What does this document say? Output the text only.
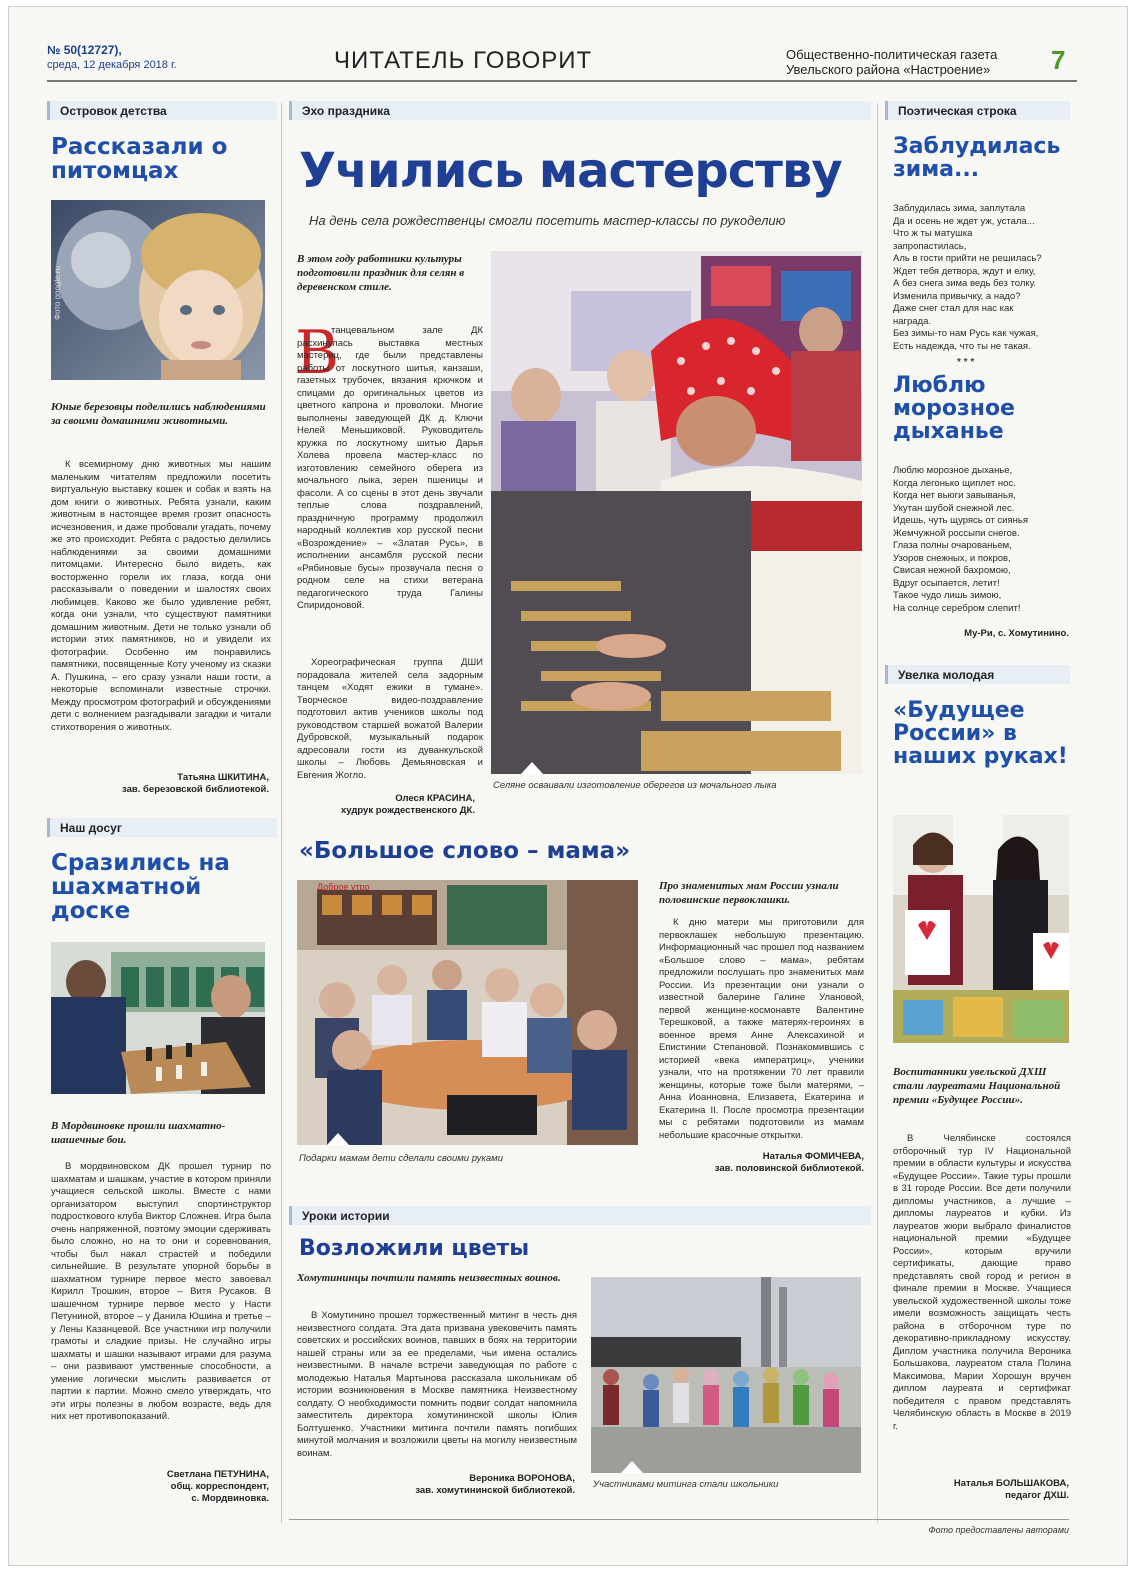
№ 50(12727),
среда, 12 декабря 2018 г.	ЧИТАТЕЛЬ ГОВОРИТ	Общественно-политическая газета
Увельского района «Настроение» 7
Островок детства
Рассказали о питомцах
Фото google.ru
Юные березовцы поделились наблюдениями за своими домашними животными.
К всемирному дню животных мы нашим маленьким читателям предложили посетить виртуальную выставку кошек и собак и взять на дом книги о животных. Ребята узнали, каким животным в настоящее время грозит опасность исчезновения, и даже пробовали угадать, почему же это происходит. Ребята с радостью делились наблюдениями за своими домашними питомцами. Интересно было видеть, как восторженно горели их глаза, когда они рассказывали о поведении и шалостях своих любимцев. Каково же было удивление ребят, когда они узнали, что существуют памятники домашним животным. Дети не только узнали об истории этих памятников, но и увидели их фотографии. Особенно им понравились памятники, посвященные Коту ученому из сказки А. Пушкина, – его сразу узнали наши гости, а некоторые вспоминали известные строчки. Между просмотром фотографий и обсуждениями дети с волнением разгадывали загадки и читали стихотворения о животных.
Татьяна ШКИТИНА,
зав. березовской библиотекой.
Наш досуг
Сразились на шахматной доске
В Мордвиновке прошли шахматно-шашечные бои.
В мордвиновском ДК прошел турнир по шахматам и шашкам, участие в котором приняли учащиеся сельской школы. Вместе с нами организатором выступил спортинструктор подросткового клуба Виктор Сложнев. Игра была очень напряженной, поэтому эмоции сдерживать было сложно, но на то они и соревнования, чтобы был накал страстей и победили сильнейшие. В результате упорной борьбы в шахматном турнире первое место завоевал Кирилл Трошкин, второе – Витя Русаков. В шашечном турнире первое место у Насти Петуниной, второе – у Данила Юшина и третье – у Лены Казанцевой. Все участники игр получили грамоты и сладкие призы. Не случайно игры шахматы и шашки называют играми для разума – они развивают умственные способности, а умение логически мыслить развивается от партии к партии. Можно смело утверждать, что эти игры полезны в любом возрасте, ведь для них нет противопоказаний.
Светлана ПЕТУНИНА,
общ. корреспондент,
с. Мордвиновка.
Эхо праздника
Учились мастерству
На день села рождественцы смогли посетить мастер-классы по рукоделию
В этом году работники культуры подготовили праздник для селян в деревенском стиле.
В
танцевальном зале ДК расхинулась выставка местных мастериц, где были представлены работы от лоскутного шитья, канзаши, газетных трубочек, вязания крючком и спицами до оригинальных цветов из цветного капрона и проволоки. Многие выполнены заведующей ДК д. Ключи Нелей Меньшиковой. Руководитель кружка по лоскутному шитью Дарья Холева провела мастер-класс по изготовлению семейного оберега из мочального лыка, зерен пшеницы и фасоли. А со сцены в этот день звучали теплые слова поздравлений, праздничную программу продолжил народный коллектив хор русской песни «Возрождение» – «Златая Русь», в исполнении ансамбля русской песни «Рябиновые бусы» прозвучала песня о родном селе на стихи ветерана педагогического труда Галины Спиридоновой.
Хореографическая группа ДШИ порадовала жителей села задорным танцем «Ходят ежики в тумане». Творческое видео-поздравление подготовил актив учеников школы под руководством старшей вожатой Валерии Дубровской, музыкальный подарок адресовали гости из дуванкульской школы – Любовь Демьяновская и Евгения Жогло.
Олеся КРАСИНА,
худрук рождественского ДК.
Селяне осваивали изготовление оберегов из мочального лыка
«Большое слово – мама»
Доброе утро
Подарки мамам дети сделали своими руками
Про знаменитых мам России узнали половинские первоклашки.
К дню матери мы приготовили для первоклашек небольшую презентацию. Информационный час прошел под названием «Большое слово – мама», ребятам предложили послушать про знаменитых мам России. Из презентации они узнали о известной балерине Галине Улановой, первой женщине-космонавте Валентине Терешковой, а также матерях-героинях в военное время Анне Алексахиной и Епистинии Степановой. Познакомившись с историей «века императриц», ученики узнали, что на протяжении 70 лет правили женщины, которые тоже были матерями, – Анна Иоанновна, Елизавета, Екатерина и Екатерина II. После просмотра презентации мы с ребятами подготовили из мамам небольшие красочные открытки.
Наталья ФОМИЧЕВА,
зав. половинской библиотекой.
Уроки истории
Возложили цветы
Хомутининцы почтили память неизвестных воинов.
В Хомутинино прошел торжественный митинг в честь дня неизвестного солдата. Эта дата призвана увековечить память советских и российских воинов, павших в боях на территории нашей страны или за ее пределами, чьи имена остались неизвестными. В начале встречи заведующая по работе с молодежью Наталья Мартынова рассказала школьникам об истории возникновения в Москве памятника Неизвестному солдату. О необходимости помнить подвиг солдат напомнила заместитель директора хомутининской школы Юлия Болтушенко. Участники митинга почтили память погибших минутой молчания и возложили цветы на могилу неизвестным воинам.
Вероника ВОРОНОВА,
зав. хомутининской библиотекой.
Участниками митинга стали школьники
Поэтическая строка
Заблудилась зима...
Заблудилась зима, заплутала
Да и осень не ждет уж, устала...
Что ж ты матушка
запропастилась,
Аль в гости прийти не решилась?
Ждет тебя детвора, ждут и елку,
А без снега зима ведь без толку.
Изменила привычку, а надо?
Даже снег стал для нас как
награда.
Без зимы-то нам Русь как чужая,
Есть надежда, что ты не такая.
* * *
Люблю морозное дыханье
Люблю морозное дыханье,
Когда легонько щиплет нос.
Когда нет вьюги завыванья,
Укутан шубой снежной лес.
Идешь, чуть щурясь от сиянья
Жемчужной россыпи снегов.
Глаза полны очарованьем,
Узоров снежных, и покров,
Свисая нежной бахромою,
Вдруг осыпается, летит!
Такое чудо лишь зимою,
На солнце серебром слепит!
Му-Ри, с. Хомутинино.
Увелка молодая
«Будущее России» в наших руках!
Воспитанники увельской ДХШ стали лауреатами Национальной премии «Будущее России».
В Челябинске состоялся отборочный тур IV Национальной премии в области культуры и искусства «Будущее России». Такие туры прошли в 31 городе России. Все дети получили дипломы участников, а лучшие – дипломы лауреатов и кубки. Из лауреатов жюри выбрало финалистов национальной премии «Будущее России», которым вручили сертификаты, дающие право представлять свой город и регион в финале премии в Москве. Учащиеся увельской художественной школы тоже имели возможность защищать честь района в отборочном туре по декоративно-прикладному искусству. Диплом участника получила Вероника Большакова, лауреатом стала Полина Максимова, Марии Хорошун вручен диплом лауреата и сертификат победителя с правом представлять Челябинскую область в Москве в 2019 г.
Наталья БОЛЬШАКОВА,
педагог ДХШ.
Фото предоставлены авторами
